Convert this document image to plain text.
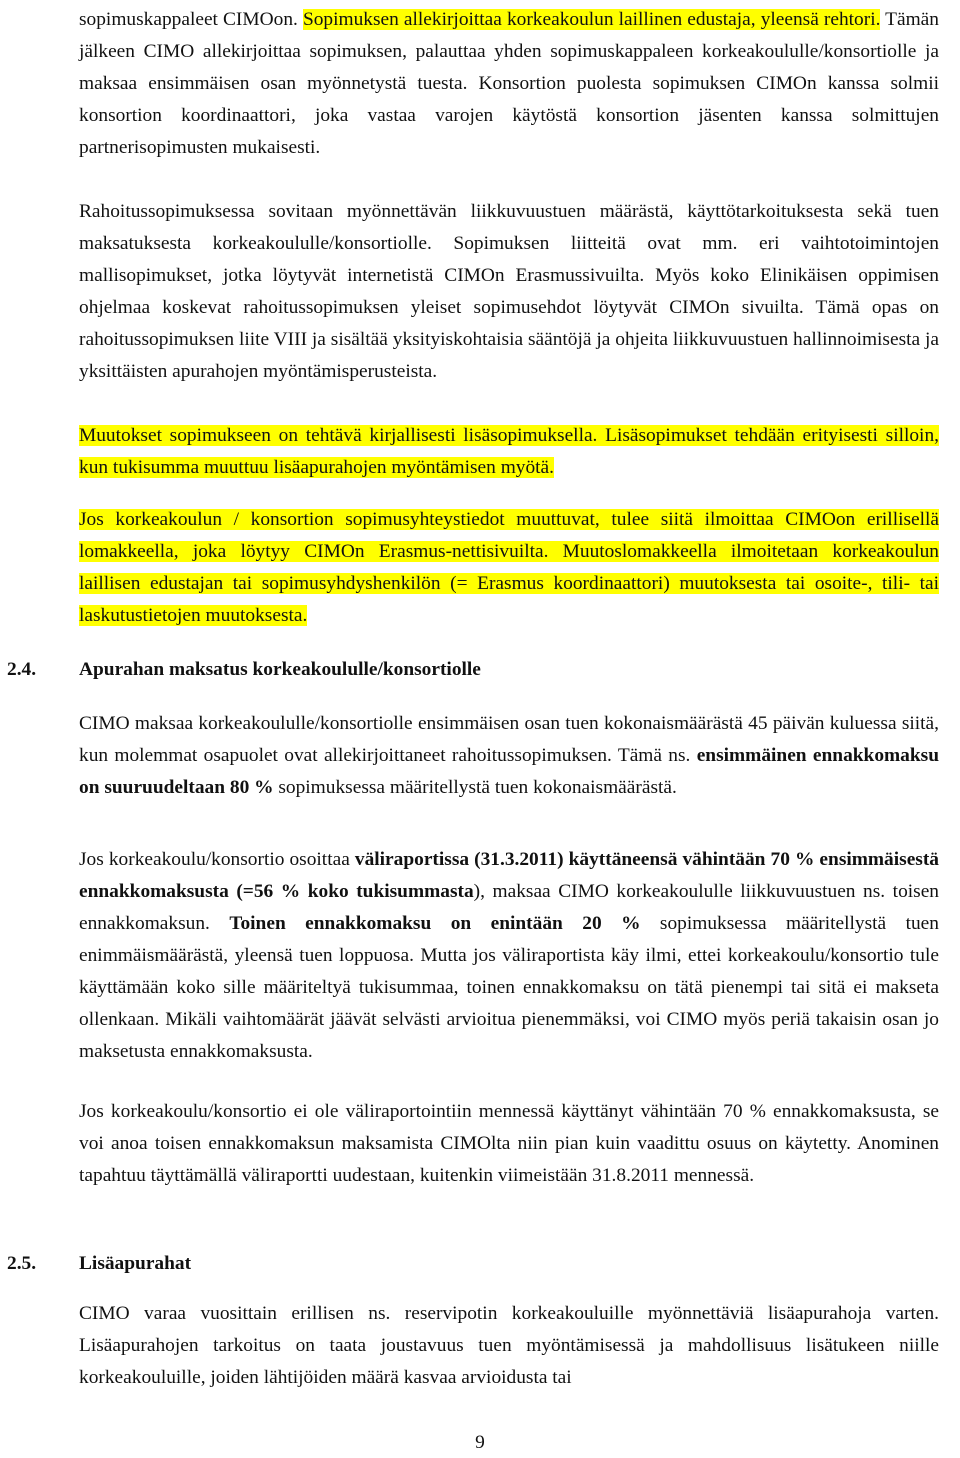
sopimuskappaleet CIMOon. Sopimuksen allekirjoittaa korkeakoulun laillinen edustaja, yleensä rehtori. Tämän jälkeen CIMO allekirjoittaa sopimuksen, palauttaa yhden sopimuskappaleen korkeakoululle/konsortiolle ja maksaa ensimmäisen osan myönnetystä tuesta. Konsortion puolesta sopimuksen CIMOn kanssa solmii konsortion koordinaattori, joka vastaa varojen käytöstä konsortion jäsenten kanssa solmittujen partnerisopimusten mukaisesti.

Rahoitussopimuksessa sovitaan myönnettävän liikkuvuustuen määrästä, käyttötarkoituksesta sekä tuen maksatuksesta korkeakoululle/konsortiolle. Sopimuksen liitteitä ovat mm. eri vaihtotoimintojen mallisopimukset, jotka löytyvät internetistä CIMOn Erasmussivuilta. Myös koko Elinikäisen oppimisen ohjelmaa koskevat rahoitussopimuksen yleiset sopimusehdot löytyvät CIMOn sivuilta. Tämä opas on rahoitussopimuksen liite VIII ja sisältää yksityiskohtaisia sääntöjä ja ohjeita liikkuvuustuen hallinnoimisesta ja yksittäisten apurahojen myöntämisperusteista.

Muutokset sopimukseen on tehtävä kirjallisesti lisäsopimuksella. Lisäsopimukset tehdään erityisesti silloin, kun tukisumma muuttuu lisäapurahojen myöntämisen myötä.

Jos korkeakoulun / konsortion sopimusyhteystiedot muuttuvat, tulee siitä ilmoittaa CIMOon erillisellä lomakkeella, joka löytyy CIMOn Erasmus-nettisivuilta. Muutoslomakkeella ilmoitetaan korkeakoulun laillisen edustajan tai sopimusyhdyshenkilön (= Erasmus koordinaattori) muutoksesta tai osoite-, tili- tai laskutustietojen muutoksesta.

2.4. Apurahan maksatus korkeakoululle/konsortiolle

CIMO maksaa korkeakoululle/konsortiolle ensimmäisen osan tuen kokonaismäärästä 45 päivän kuluessa siitä, kun molemmat osapuolet ovat allekirjoittaneet rahoitussopimuksen. Tämä ns. ensimmäinen ennakkomaksu on suuruudeltaan 80 % sopimuksessa määritellystä tuen kokonaismäärästä.

Jos korkeakoulu/konsortio osoittaa väliraportissa (31.3.2011) käyttäneensä vähintään 70 % ensimmäisestä ennakkomaksusta (=56 % koko tukisummasta), maksaa CIMO korkeakoululle liikkuvuustuen ns. toisen ennakkomaksun. Toinen ennakkomaksu on enintään 20 % sopimuksessa määritellystä tuen enimmäismäärästä, yleensä tuen loppuosa. Mutta jos väliraportista käy ilmi, ettei korkeakoulu/konsortio tule käyttämään koko sille määriteltyä tukisummaa, toinen ennakkomaksu on tätä pienempi tai sitä ei makseta ollenkaan. Mikäli vaihtomäärät jäävät selvästi arvioitua pienemmäksi, voi CIMO myös periä takaisin osan jo maksetusta ennakkomaksusta.

Jos korkeakoulu/konsortio ei ole väliraportointiin mennessä käyttänyt vähintään 70 % ennakkomaksusta, se voi anoa toisen ennakkomaksun maksamista CIMOlta niin pian kuin vaadittu osuus on käytetty. Anominen tapahtuu täyttämällä väliraportti uudestaan, kuitenkin viimeistään 31.8.2011 mennessä.

2.5. Lisäapurahat

CIMO varaa vuosittain erillisen ns. reservipotin korkeakouluille myönnettäviä lisäapurahoja varten. Lisäapurahojen tarkoitus on taata joustavuus tuen myöntämisessä ja mahdollisuus lisätukeen niille korkeakouluille, joiden lähtijöiden määrä kasvaa arvioidusta tai

9
